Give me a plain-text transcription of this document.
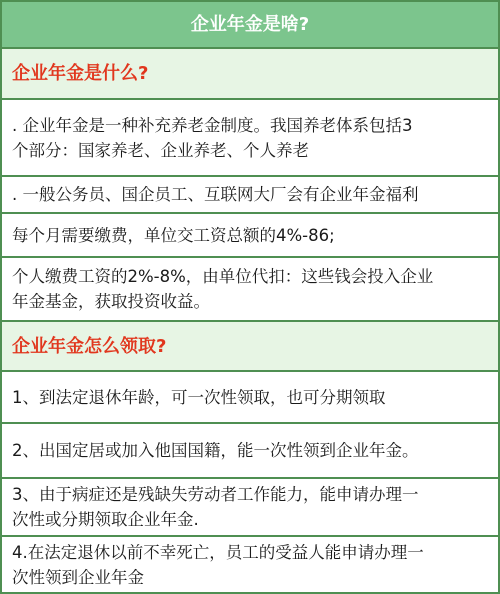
企业年金是啥?
企业年金是什么?
. 企业年金是一种补充养老金制度。我国养老体系包括3
个部分：国家养老、企业养老、个人养老
. 一般公务员、国企员工、互联网大厂会有企业年金福利
每个月需要缴费，单位交工资总额的4%-86;
个人缴费工资的2%-8%，由单位代扣：这些钱会投入企业
年金基金，获取投资收益。
企业年金怎么领取?
1、到法定退休年龄，可一次性领取，也可分期领取
2、出国定居或加入他国国籍，能一次性领到企业年金。
3、由于病症还是残缺失劳动者工作能力，能申请办理一
次性或分期领取企业年金.
4.在法定退休以前不幸死亡，员工的受益人能申请办理一
次性领到企业年金
